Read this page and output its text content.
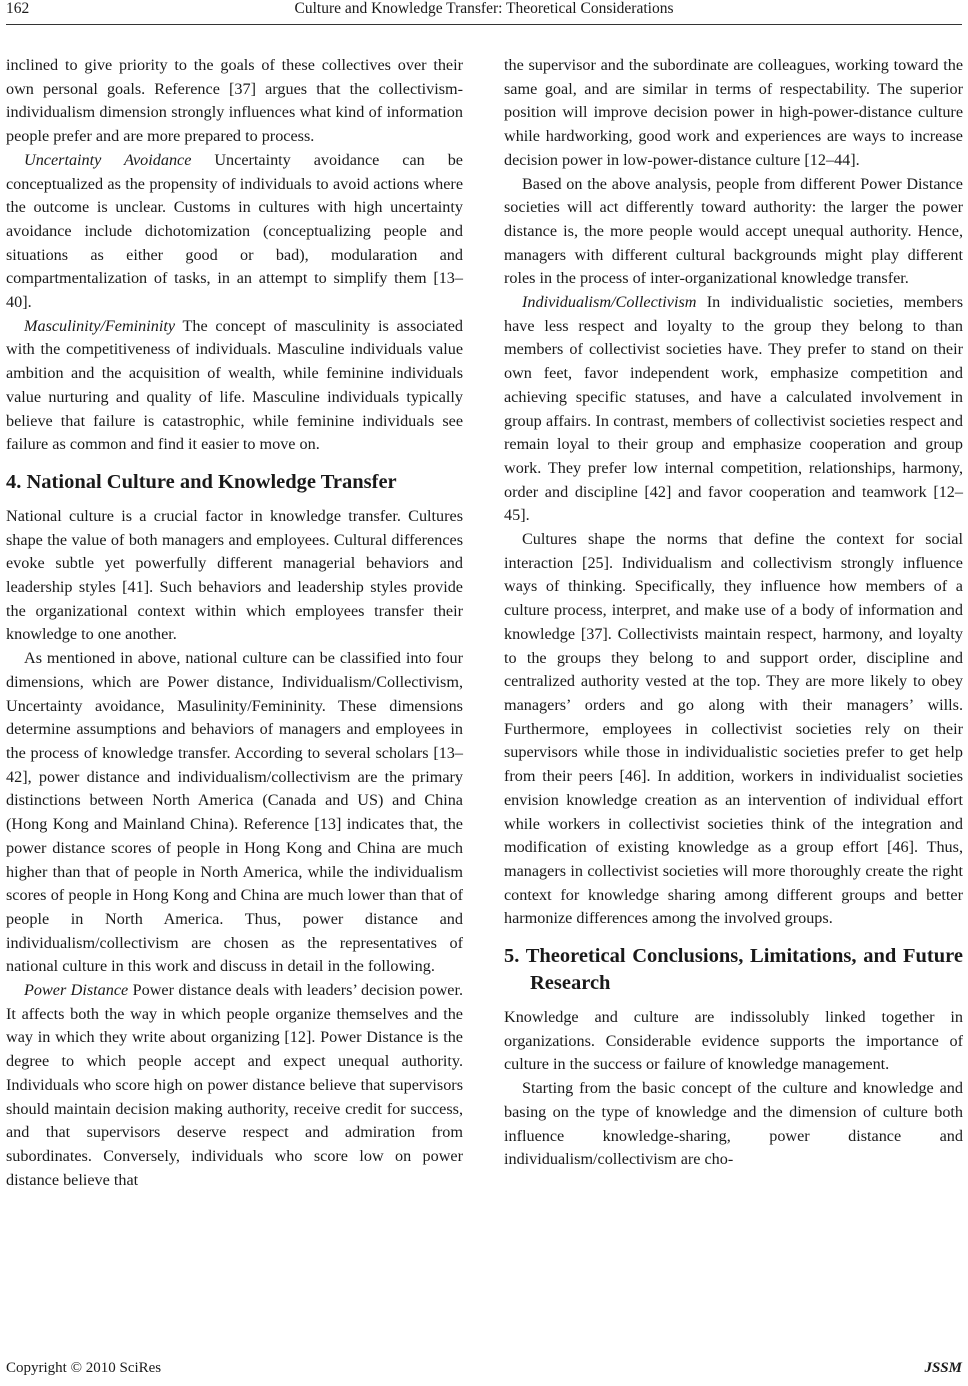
162	Culture and Knowledge Transfer: Theoretical Considerations

inclined to give priority to the goals of these collectives over their own personal goals. Reference [37] argues that the collectivism-individualism dimension strongly influences what kind of information people prefer and are more prepared to process.

Uncertainty Avoidance Uncertainty avoidance can be conceptualized as the propensity of individuals to avoid actions where the outcome is unclear. Customs in cultures with high uncertainty avoidance include dichotomization (conceptualizing people and situations as either good or bad), modularation and compartmentalization of tasks, in an attempt to simplify them [13–40].

Masculinity/Femininity The concept of masculinity is associated with the competitiveness of individuals. Masculine individuals value ambition and the acquisition of wealth, while feminine individuals value nurturing and quality of life. Masculine individuals typically believe that failure is catastrophic, while feminine individuals see failure as common and find it easier to move on.

4. National Culture and Knowledge Transfer

National culture is a crucial factor in knowledge transfer. Cultures shape the value of both managers and employees. Cultural differences evoke subtle yet powerfully different managerial behaviors and leadership styles [41]. Such behaviors and leadership styles provide the organizational context within which employees transfer their knowledge to one another.

As mentioned in above, national culture can be classified into four dimensions, which are Power distance, Individualism/Collectivism, Uncertainty avoidance, Masulinity/Femininity. These dimensions determine assumptions and behaviors of managers and employees in the process of knowledge transfer. According to several scholars [13–42], power distance and individualism/collectivism are the primary distinctions between North America (Canada and US) and China (Hong Kong and Mainland China). Reference [13] indicates that, the power distance scores of people in Hong Kong and China are much higher than that of people in North America, while the individualism scores of people in Hong Kong and China are much lower than that of people in North America. Thus, power distance and individualism/collectivism are chosen as the representatives of national culture in this work and discuss in detail in the following.

Power Distance Power distance deals with leaders’ decision power. It affects both the way in which people organize themselves and the way in which they write about organizing [12]. Power Distance is the degree to which people accept and expect unequal authority. Individuals who score high on power distance believe that supervisors should maintain decision making authority, receive credit for success, and that supervisors deserve respect and admiration from subordinates. Conversely, individuals who score low on power distance believe that

the supervisor and the subordinate are colleagues, working toward the same goal, and are similar in terms of respectability. The superior position will improve decision power in high-power-distance culture while hardworking, good work and experiences are ways to increase decision power in low-power-distance culture [12–44].

Based on the above analysis, people from different Power Distance societies will act differently toward authority: the larger the power distance is, the more people would accept unequal authority. Hence, managers with different cultural backgrounds might play different roles in the process of inter-organizational knowledge transfer.

Individualism/Collectivism In individualistic societies, members have less respect and loyalty to the group they belong to than members of collectivist societies have. They prefer to stand on their own feet, favor independent work, emphasize competition and achieving specific statuses, and have a calculated involvement in group affairs. In contrast, members of collectivist societies respect and remain loyal to their group and emphasize cooperation and group work. They prefer low internal competition, relationships, harmony, order and discipline [42] and favor cooperation and teamwork [12–45].

Cultures shape the norms that define the context for social interaction [25]. Individualism and collectivism strongly influence ways of thinking. Specifically, they influence how members of a culture process, interpret, and make use of a body of information and knowledge [37]. Collectivists maintain respect, harmony, and loyalty to the groups they belong to and support order, discipline and centralized authority vested at the top. They are more likely to obey managers’ orders and go along with their managers’ wills. Furthermore, employees in collectivist societies rely on their supervisors while those in individualistic societies prefer to get help from their peers [46]. In addition, workers in individualist societies envision knowledge creation as an intervention of individual effort while workers in collectivist societies think of the integration and modification of existing knowledge as a group effort [46]. Thus, managers in collectivist societies will more thoroughly create the right context for knowledge sharing among different groups and better harmonize differences among the involved groups.

5. Theoretical Conclusions, Limitations, and Future Research

Knowledge and culture are indissolubly linked together in organizations. Considerable evidence supports the importance of culture in the success or failure of knowledge management.

Starting from the basic concept of the culture and knowledge and basing on the type of knowledge and the dimension of culture both influence knowledge-sharing, power distance and individualism/collectivism are cho-

Copyright © 2010 SciRes	JSSM
